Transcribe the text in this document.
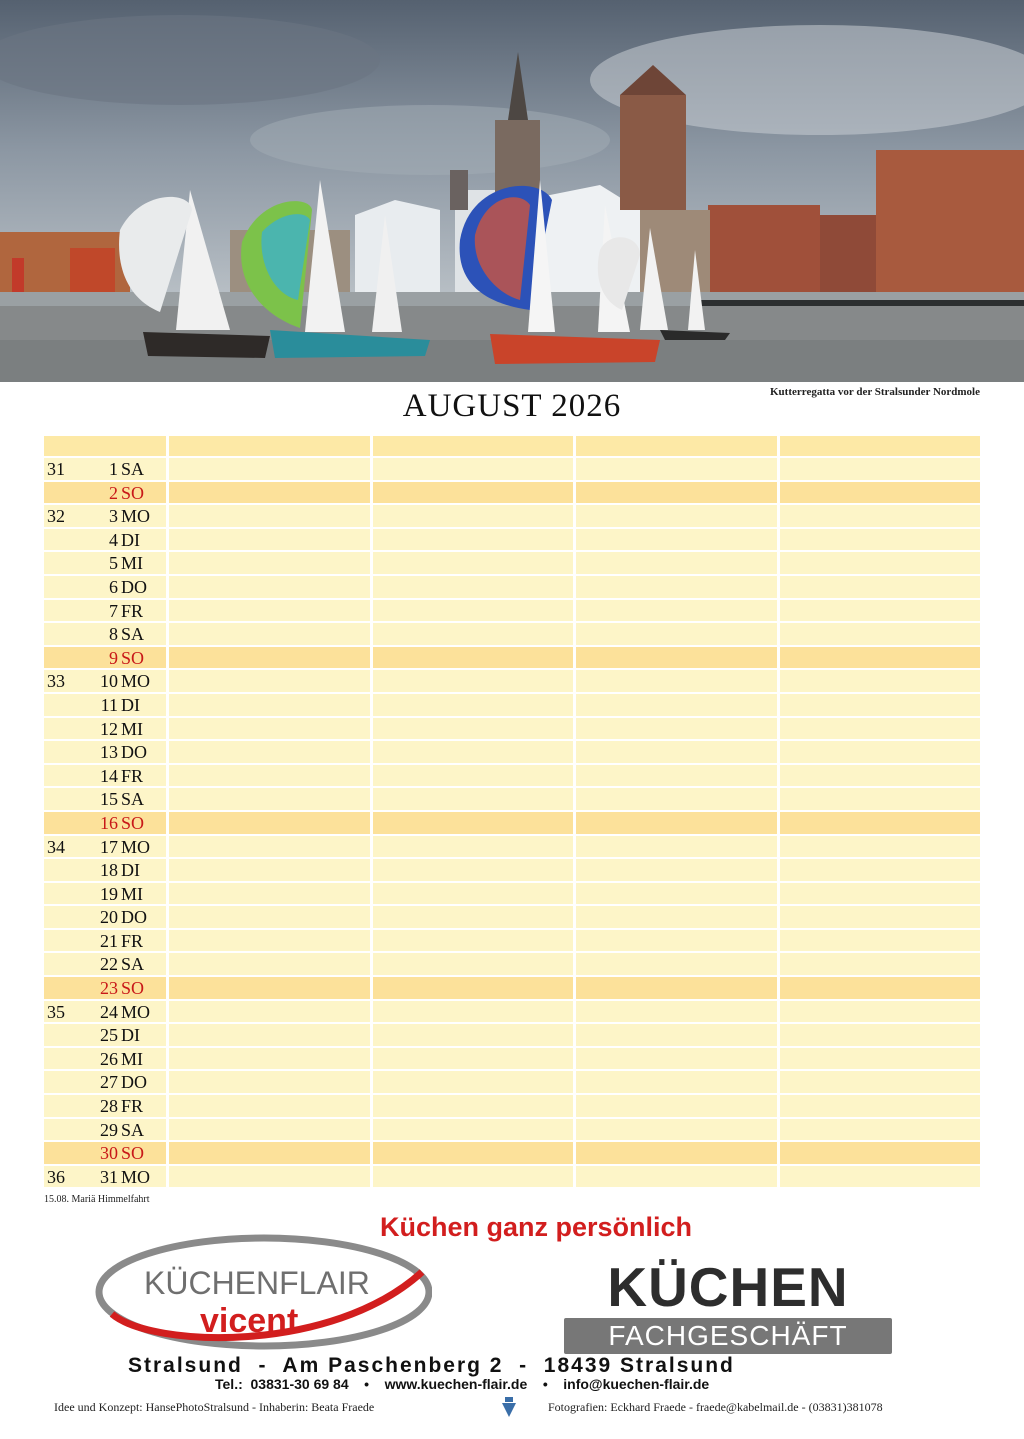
Kutterregatta vor der Stralsunder Nordmole
AUGUST 2026
31 1 SA
2 SO
32 3 MO
4 DI
5 MI
6 DO
7 FR
8 SA
9 SO
33 10 MO
11 DI
12 MI
13 DO
14 FR
15 SA
16 SO
34 17 MO
18 DI
19 MI
20 DO
21 FR
22 SA
23 SO
35 24 MO
25 DI
26 MI
27 DO
28 FR
29 SA
30 SO
36 31 MO
15.08. Mariä Himmelfahrt
Küchen ganz persönlich
KÜCHENFLAIR
vicent
KÜCHEN
FACHGESCHÄFT
Stralsund  -  Am Paschenberg 2  -  18439 Stralsund
Tel.:  03831-30 69 84    •    www.kuechen-flair.de    •    info@kuechen-flair.de
Idee und Konzept: HansePhotoStralsund - Inhaberin: Beata Fraede	Fotografien: Eckhard Fraede - fraede@kabelmail.de - (03831)381078
